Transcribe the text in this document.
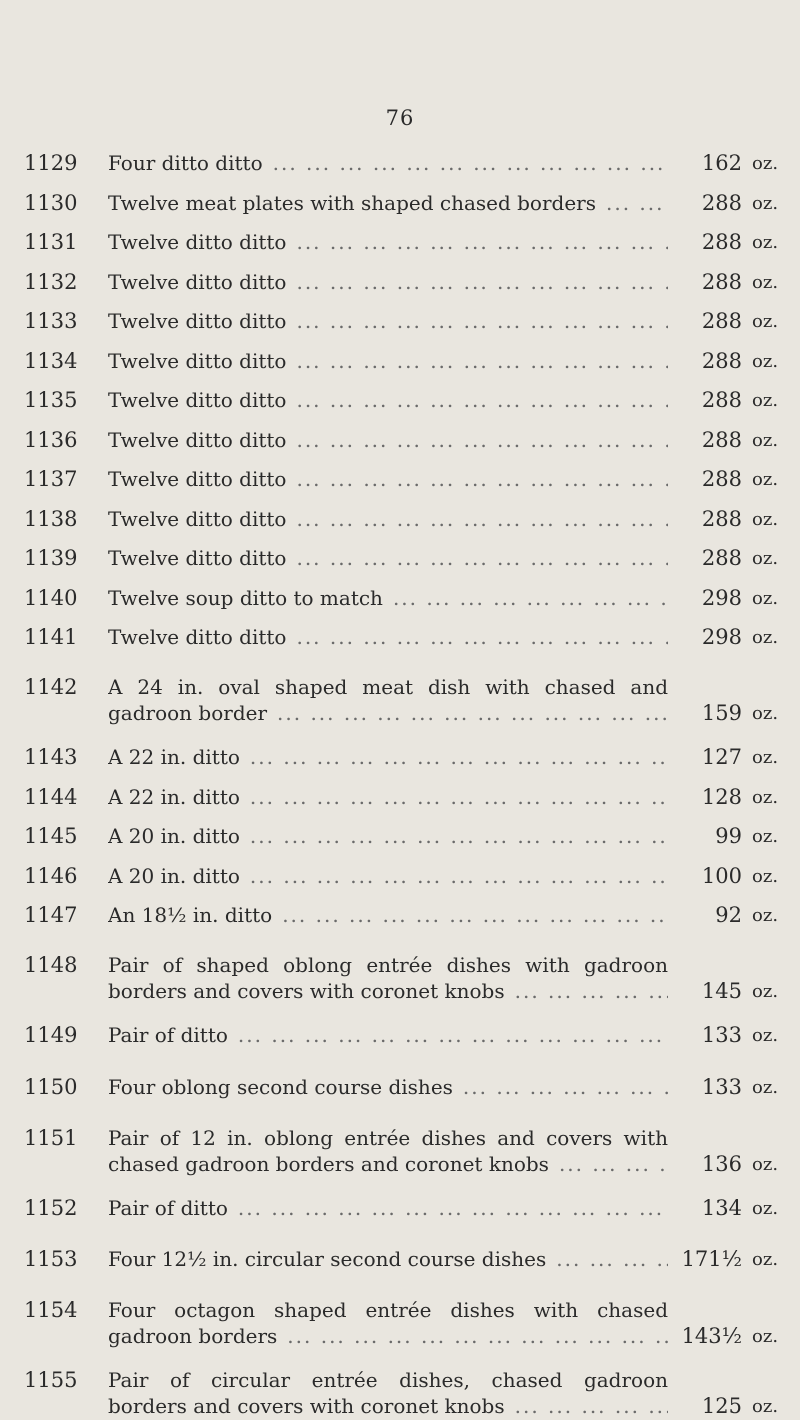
76
1129 Four ditto ditto ... .	162 oz.
1130 Twelve meat plates with shaped chased borders ... .	288 oz.
1131 Twelve ditto ditto ... .	288 oz.
1132 Twelve ditto ditto ... .	288 oz.
1133 Twelve ditto ditto ... .	288 oz.
1134 Twelve ditto ditto ... .	288 oz.
1135 Twelve ditto ditto ... .	288 oz.
1136 Twelve ditto ditto ... .	288 oz.
1137 Twelve ditto ditto ... .	288 oz.
1138 Twelve ditto ditto ... .	288 oz.
1139 Twelve ditto ditto ... .	288 oz.
1140 Twelve soup ditto to match ... .	298 oz.
1141 Twelve ditto ditto ... .	298 oz.
1142 A 24 in. oval shaped meat dish with chased and
gadroon border ... .	159 oz.
1143 A 22 in. ditto ... .	127 oz.
1144 A 22 in. ditto ... .	128 oz.
1145 A 20 in. ditto ... .	99 oz.
1146 A 20 in. ditto ... .	100 oz.
1147 An 18½ in. ditto ... .	92 oz.
1148 Pair of shaped oblong entrée dishes with gadroon
borders and covers with coronet knobs ... .	145 oz.
1149 Pair of ditto ... .	133 oz.
1150 Four oblong second course dishes ... .	133 oz.
1151 Pair of 12 in. oblong entrée dishes and covers with
chased gadroon borders and coronet knobs ... .	136 oz.
1152 Pair of ditto ... .	134 oz.
1153 Four 12½ in. circular second course dishes ... .	171½ oz.
1154 Four octagon shaped entrée dishes with chased
gadroon borders ... .	143½ oz.
1155 Pair of circular entrée dishes, chased gadroon
borders and covers with coronet knobs ... .	125 oz.
